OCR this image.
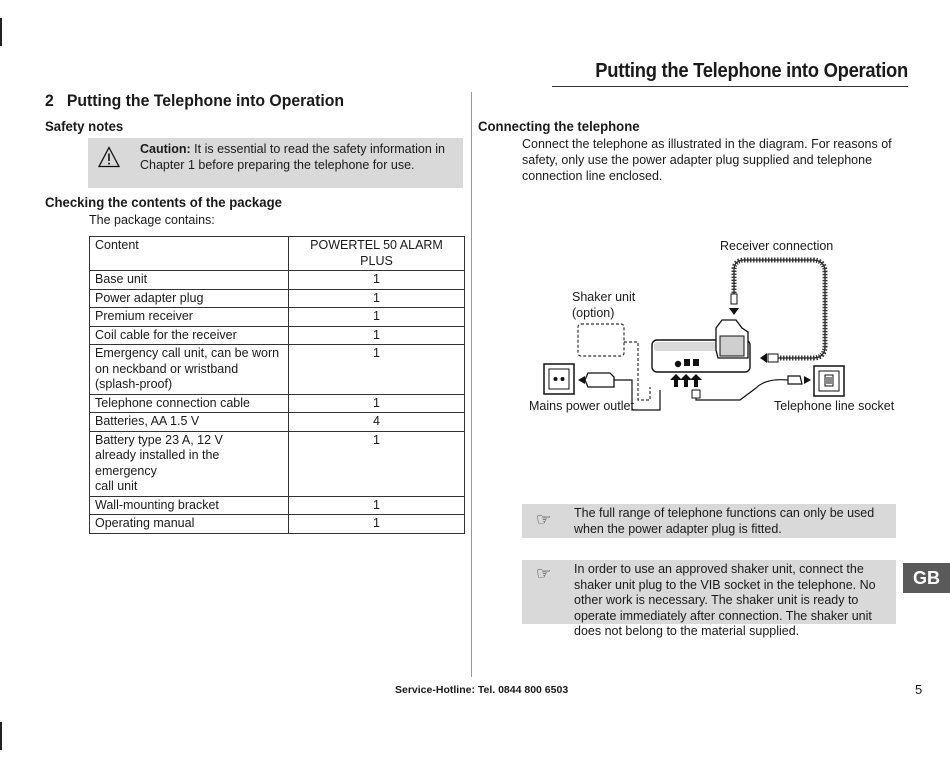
Putting the Telephone into Operation
2 Putting the Telephone into Operation
Safety notes
Caution: It is essential to read the safety information in Chapter 1 before preparing the telephone for use.
Checking the contents of the package
The package contains:
Content	POWERTEL 50 ALARM PLUS
Base unit	1
Power adapter plug	1
Premium receiver	1
Coil cable for the receiver	1
Emergency call unit, can be worn
on neckband or wristband
(splash-proof)	1
Telephone connection cable	1
Batteries, AA 1.5 V	4
Battery type 23 A, 12 V
already installed in the emergency
call unit	1
Wall-mounting bracket	1
Operating manual	1
Connecting the telephone
Connect the telephone as illustrated in the diagram. For reasons of safety, only use the power adapter plug supplied and telephone connection line enclosed.
Receiver connection
Shaker unit
(option)
Mains power outlet	Telephone line socket
☞ The full range of telephone functions can only be used when the power adapter plug is fitted.
☞ In order to use an approved shaker unit, connect the shaker unit plug to the VIB socket in the telephone. No other work is necessary. The shaker unit is ready to operate immediately after connection. The shaker unit does not belong to the material supplied.
GB
Service-Hotline: Tel. 0844 800 6503	5
